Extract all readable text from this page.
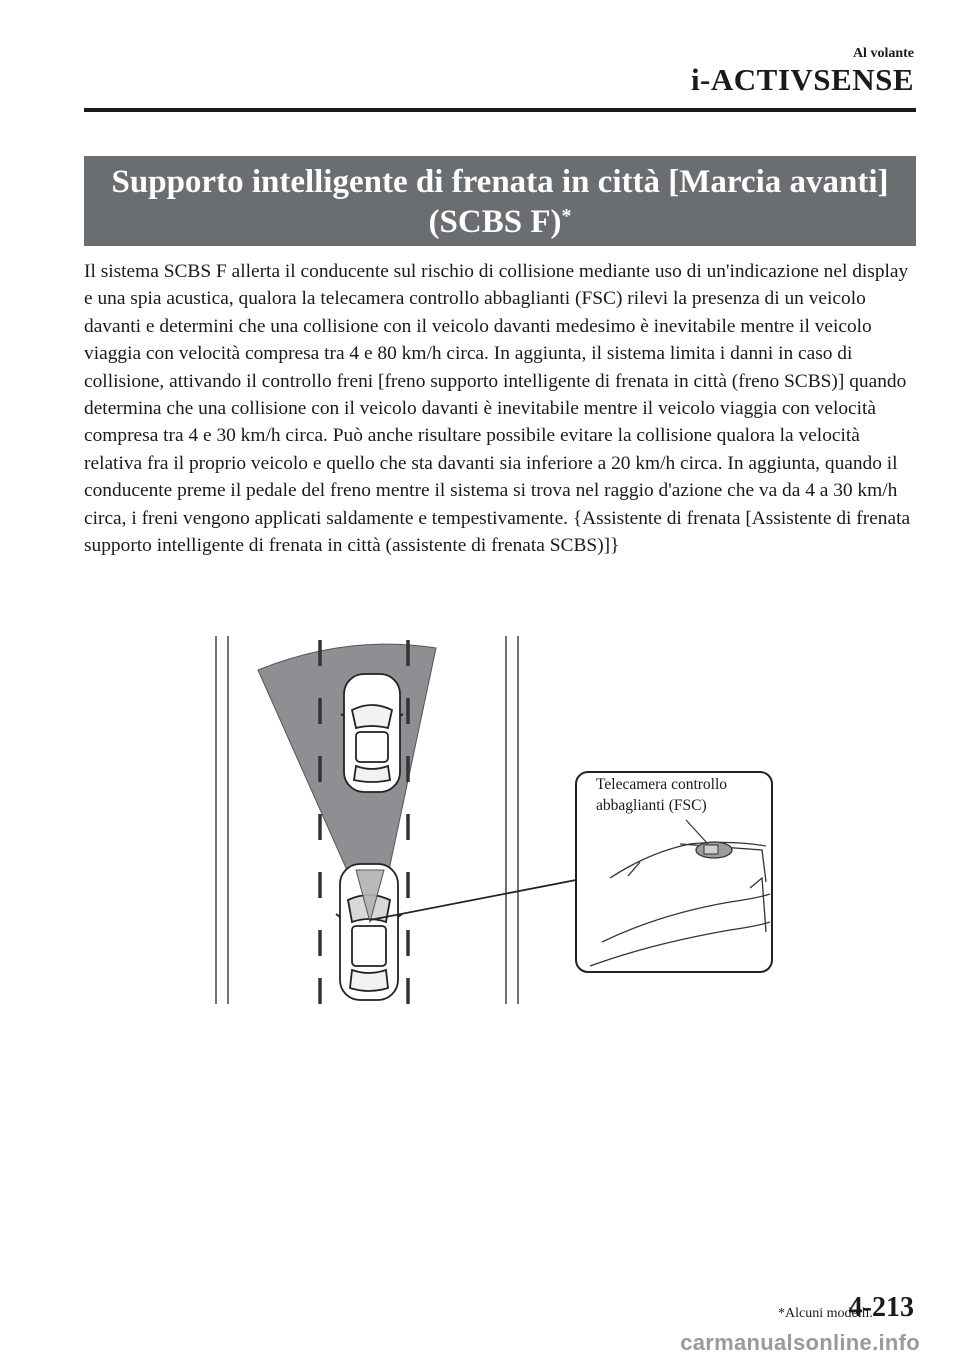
Al volante
i-ACTIVSENSE
Supporto intelligente di frenata in città [Marcia avanti]
(SCBS F)*

Il sistema SCBS F allerta il conducente sul rischio di collisione mediante uso di un'indicazione nel display e una spia acustica, qualora la telecamera controllo abbaglianti (FSC) rilevi la presenza di un veicolo davanti e determini che una collisione con il veicolo davanti medesimo è inevitabile mentre il veicolo viaggia con velocità compresa tra 4 e 80 km/h circa. In aggiunta, il sistema limita i danni in caso di collisione, attivando il controllo freni [freno supporto intelligente di frenata in città (freno SCBS)] quando determina che una collisione con il veicolo davanti è inevitabile mentre il veicolo viaggia con velocità compresa tra 4 e 30 km/h circa. Può anche risultare possibile evitare la collisione qualora la velocità relativa fra il proprio veicolo e quello che sta davanti sia inferiore a 20 km/h circa. In aggiunta, quando il conducente preme il pedale del freno mentre il sistema si trova nel raggio d'azione che va da 4 a 30 km/h circa, i freni vengono applicati saldamente e tempestivamente. {Assistente di frenata [Assistente di frenata supporto intelligente di frenata in città (assistente di frenata SCBS)]}

Telecamera controllo
abbaglianti (FSC)
*Alcuni modelli.
4-213
carmanualsonline.info
